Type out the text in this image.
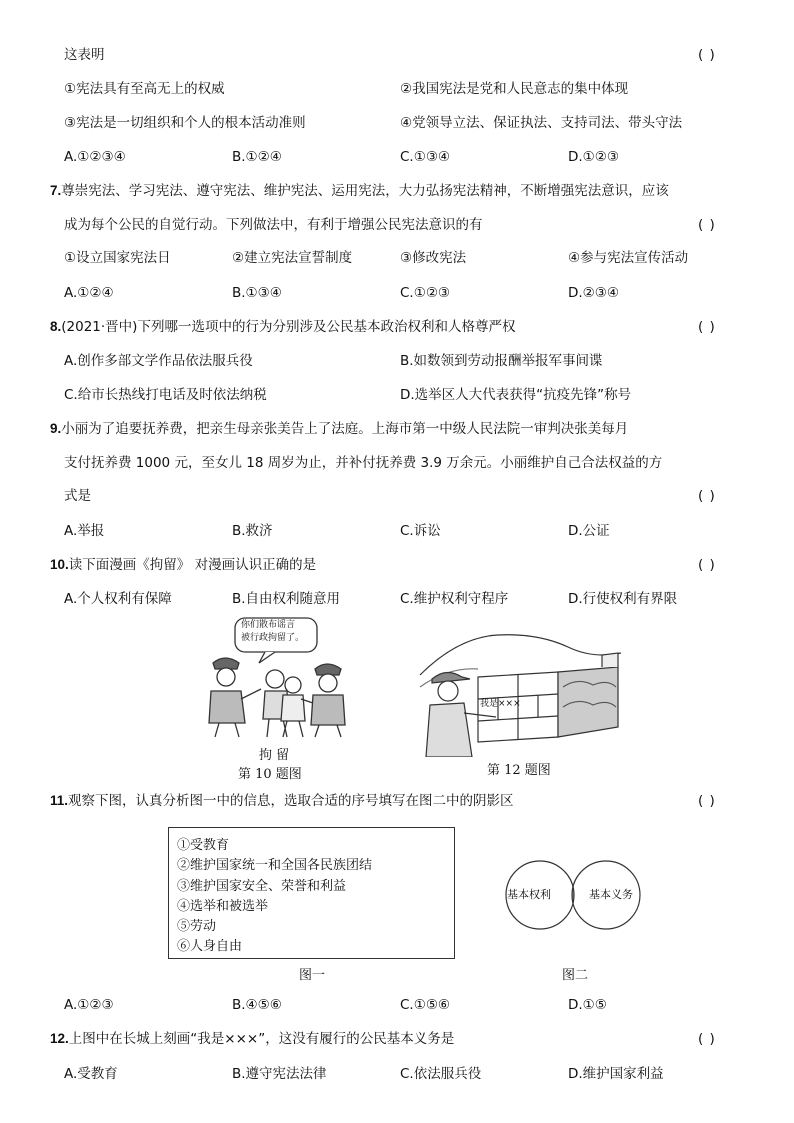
这表明	( )
①宪法具有至高无上的权威	②我国宪法是党和人民意志的集中体现
③宪法是一切组织和个人的根本活动准则	④党领导立法、保证执法、支持司法、带头守法
A.①②③④	B.①②④	C.①③④	D.①②③
7.尊崇宪法、学习宪法、遵守宪法、维护宪法、运用宪法，大力弘扬宪法精神，不断增强宪法意识，应该
成为每个公民的自觉行动。下列做法中，有利于增强公民宪法意识的有	( )
①设立国家宪法日	②建立宪法宣誓制度	③修改宪法	④参与宪法宣传活动
A.①②④	B.①③④	C.①②③	D.②③④
8.(2021·晋中)下列哪一选项中的行为分别涉及公民基本政治权利和人格尊严权	( )
A.创作多部文学作品依法服兵役	B.如数领到劳动报酬举报军事间谍
C.给市长热线打电话及时依法纳税	D.选举区人大代表获得“抗疫先锋”称号
9.小丽为了追要抚养费，把亲生母亲张美告上了法庭。上海市第一中级人民法院一审判决张美每月
支付抚养费 1000 元，至女儿 18 周岁为止，并补付抚养费 3.9 万余元。小丽维护自己合法权益的方
式是	( )
A.举报	B.救济	C.诉讼	D.公证
10.读下面漫画《拘留》 对漫画认识正确的是	( )
A.个人权利有保障	B.自由权利随意用	C.维护权利守程序	D.行使权利有界限
你们散布谣言
被行政拘留了。
拘 留
第 10 题图
我是×××
第 12 题图
11.观察下图，认真分析图一中的信息，选取合适的序号填写在图二中的阴影区	( )
①受教育
②维护国家统一和全国各民族团结
③维护国家安全、荣誉和利益
④选举和被选举
⑤劳动
⑥人身自由
图一
基本权利	基本义务
图二
A.①②③	B.④⑤⑥	C.①⑤⑥	D.①⑤
12.上图中在长城上刻画“我是×××”，这没有履行的公民基本义务是	( )
A.受教育	B.遵守宪法法律	C.依法服兵役	D.维护国家利益
